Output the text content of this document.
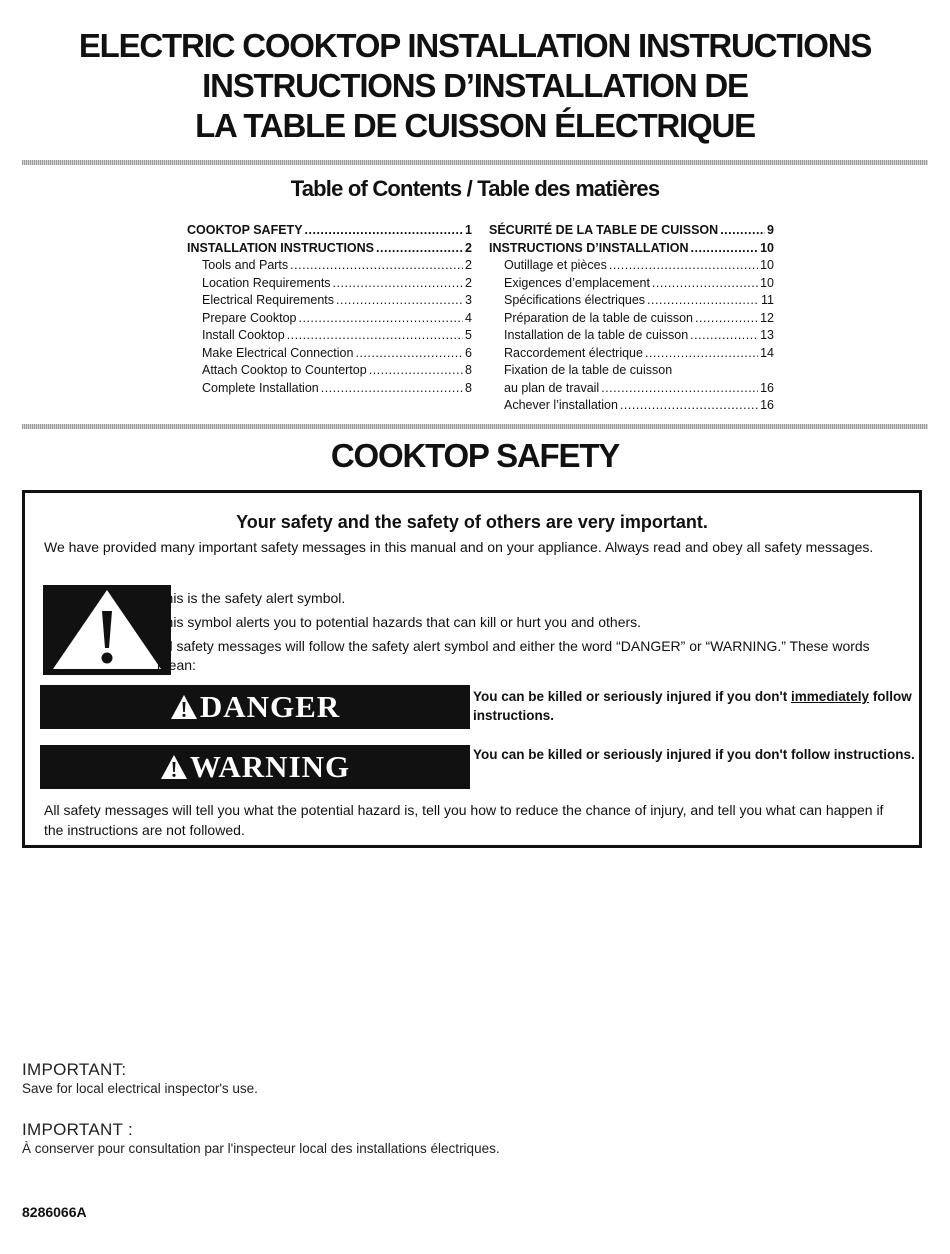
ELECTRIC COOKTOP INSTALLATION INSTRUCTIONS
INSTRUCTIONS D’INSTALLATION DE
LA TABLE DE CUISSON ÉLECTRIQUE
Table of Contents / Table des matières
COOKTOP SAFETY .....	1
INSTALLATION INSTRUCTIONS .....	2
Tools and Parts .....	2
Location Requirements .....	2
Electrical Requirements .....	3
Prepare Cooktop .....	4
Install Cooktop .....	5
Make Electrical Connection .....	6
Attach Cooktop to Countertop .....	8
Complete Installation .....	8
SÉCURITÉ DE LA TABLE DE CUISSON .....	9
INSTRUCTIONS D’INSTALLATION .....	10
Outillage et pièces .....	10
Exigences d’emplacement .....	10
Spécifications électriques .....	11
Préparation de la table de cuisson .....	12
Installation de la table de cuisson .....	13
Raccordement électrique .....	14
Fixation de la table de cuisson
au plan de travail .....	16
Achever l’installation .....	16
COOKTOP SAFETY
Your safety and the safety of others are very important.
We have provided many important safety messages in this manual and on your appliance. Always read and obey all safety messages.

This is the safety alert symbol.

This symbol alerts you to potential hazards that can kill or hurt you and others.

All safety messages will follow the safety alert symbol and either the word “DANGER” or “WARNING.” These words mean:

DANGER	You can be killed or seriously injured if you don't immediately follow instructions.
WARNING	You can be killed or seriously injured if you don't follow instructions.
All safety messages will tell you what the potential hazard is, tell you how to reduce the chance of injury, and tell you what can happen if the instructions are not followed.
IMPORTANT:
Save for local electrical inspector's use.
IMPORTANT :
À conserver pour consultation par l'inspecteur local des installations électriques.
8286066A
